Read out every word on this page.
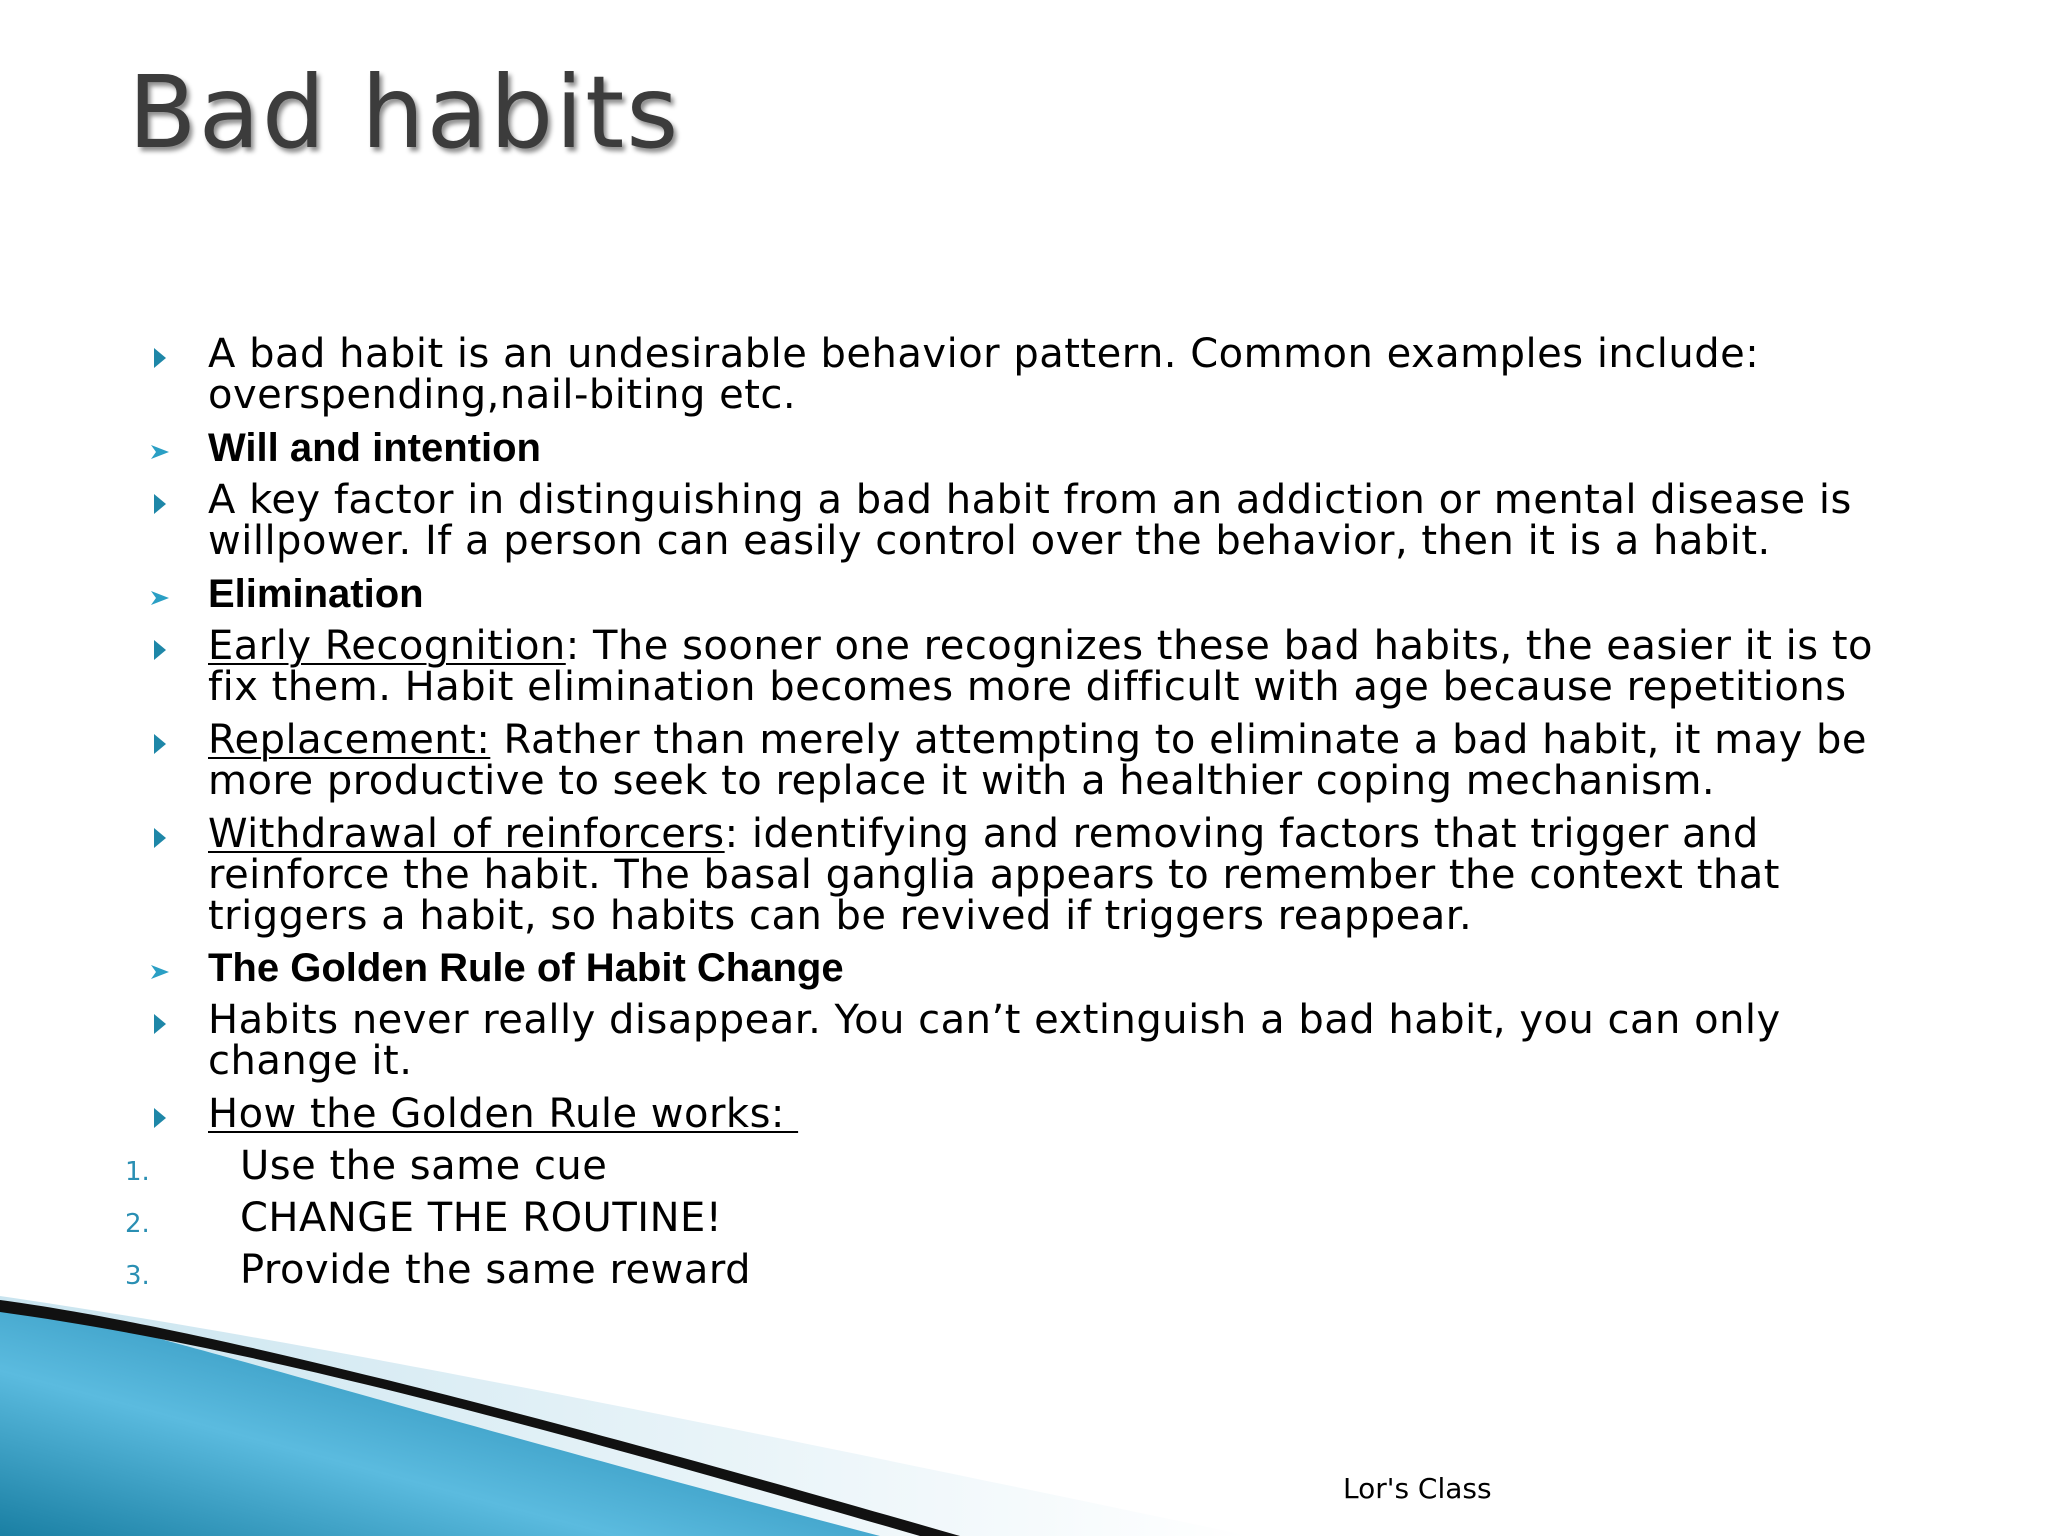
Bad habits
A bad habit is an undesirable behavior pattern. Common examples include: overspending,nail-biting etc.
Will and intention
A key factor in distinguishing a bad habit from an addiction or mental disease is willpower. If a person can easily control over the behavior, then it is a habit.
Elimination
Early Recognition: The sooner one recognizes these bad habits, the easier it is to fix them. Habit elimination becomes more difficult with age because repetitions
Replacement: Rather than merely attempting to eliminate a bad habit, it may be more productive to seek to replace it with a healthier coping mechanism.
Withdrawal of reinforcers: identifying and removing factors that trigger and reinforce the habit. The basal ganglia appears to remember the context that triggers a habit, so habits can be revived if triggers reappear.
The Golden Rule of Habit Change
Habits never really disappear. You can’t extinguish a bad habit, you can only change it.
How the Golden Rule works:
1. Use the same cue
2. CHANGE THE ROUTINE!
3. Provide the same reward
Lor's Class
